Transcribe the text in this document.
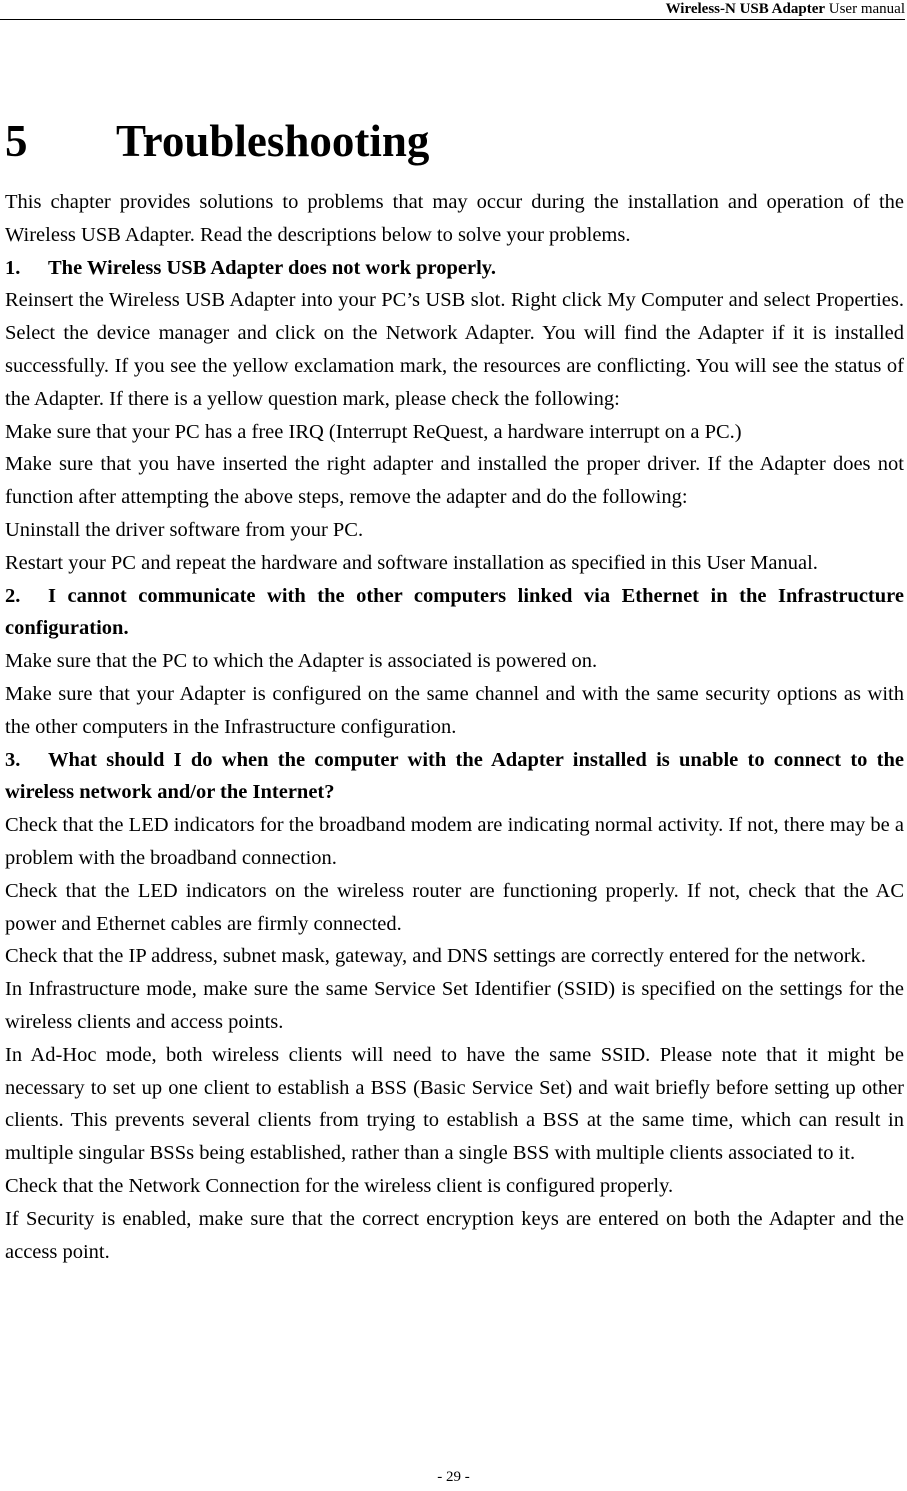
Wireless-N USB Adapter User manual
5 Troubleshooting

This chapter provides solutions to problems that may occur during the installation and operation of the Wireless USB Adapter. Read the descriptions below to solve your problems.

1. The Wireless USB Adapter does not work properly.

Reinsert the Wireless USB Adapter into your PC’s USB slot. Right click My Computer and select Properties. Select the device manager and click on the Network Adapter. You will find the Adapter if it is installed successfully. If you see the yellow exclamation mark, the resources are conflicting. You will see the status of the Adapter. If there is a yellow question mark, please check the following:

Make sure that your PC has a free IRQ (Interrupt ReQuest, a hardware interrupt on a PC.)

Make sure that you have inserted the right adapter and installed the proper driver. If the Adapter does not function after attempting the above steps, remove the adapter and do the following:

Uninstall the driver software from your PC.

Restart your PC and repeat the hardware and software installation as specified in this User Manual.

2. I cannot communicate with the other computers linked via Ethernet in the Infrastructure configuration.

Make sure that the PC to which the Adapter is associated is powered on.

Make sure that your Adapter is configured on the same channel and with the same security options as with the other computers in the Infrastructure configuration.

3. What should I do when the computer with the Adapter installed is unable to connect to the wireless network and/or the Internet?

Check that the LED indicators for the broadband modem are indicating normal activity. If not, there may be a problem with the broadband connection.

Check that the LED indicators on the wireless router are functioning properly. If not, check that the AC power and Ethernet cables are firmly connected.

Check that the IP address, subnet mask, gateway, and DNS settings are correctly entered for the network.

In Infrastructure mode, make sure the same Service Set Identifier (SSID) is specified on the settings for the wireless clients and access points.

In Ad-Hoc mode, both wireless clients will need to have the same SSID. Please note that it might be necessary to set up one client to establish a BSS (Basic Service Set) and wait briefly before setting up other clients. This prevents several clients from trying to establish a BSS at the same time, which can result in multiple singular BSSs being established, rather than a single BSS with multiple clients associated to it.

Check that the Network Connection for the wireless client is configured properly.

If Security is enabled, make sure that the correct encryption keys are entered on both the Adapter and the access point.

- 29 -
